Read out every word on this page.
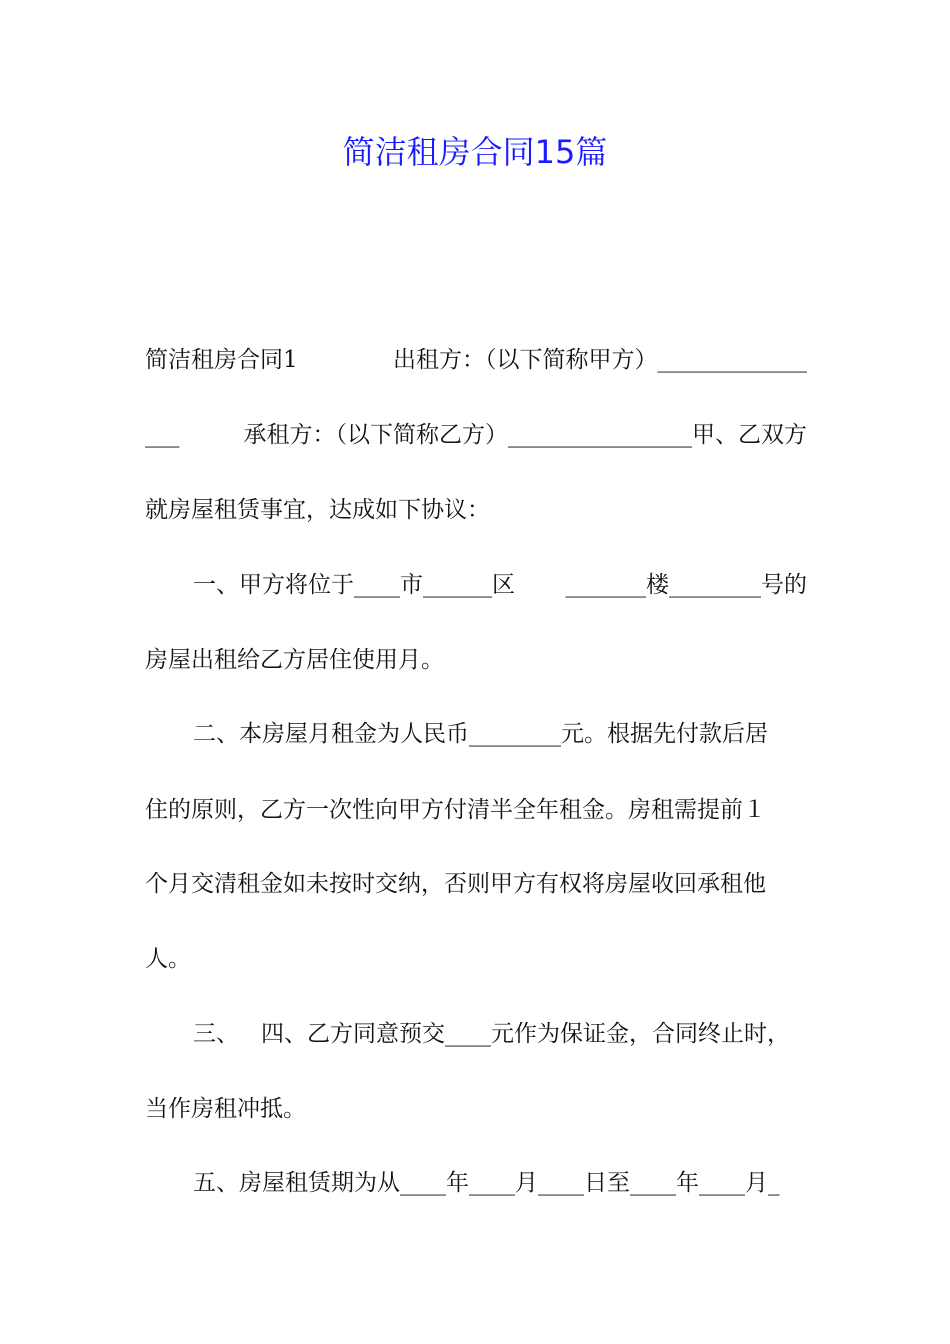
简洁租房合同15篇
简洁租房合同1	出租方：（以下简称甲方）_____________
___	承租方：（以下简称乙方）________________甲、乙双方
就房屋租赁事宜，达成如下协议：
一、甲方将位于____市______区 _______楼________号的
房屋出租给乙方居住使用月。
二、本房屋月租金为人民币________元。根据先付款后居
住的原则，乙方一次性向甲方付清半全年租金。房租需提前１
个月交清租金如未按时交纳，否则甲方有权将房屋收回承租他
人。
三、 四、乙方同意预交____元作为保证金，合同终止时，
当作房租冲抵。
五、房屋租赁期为从____年____月____日至____年____月_
